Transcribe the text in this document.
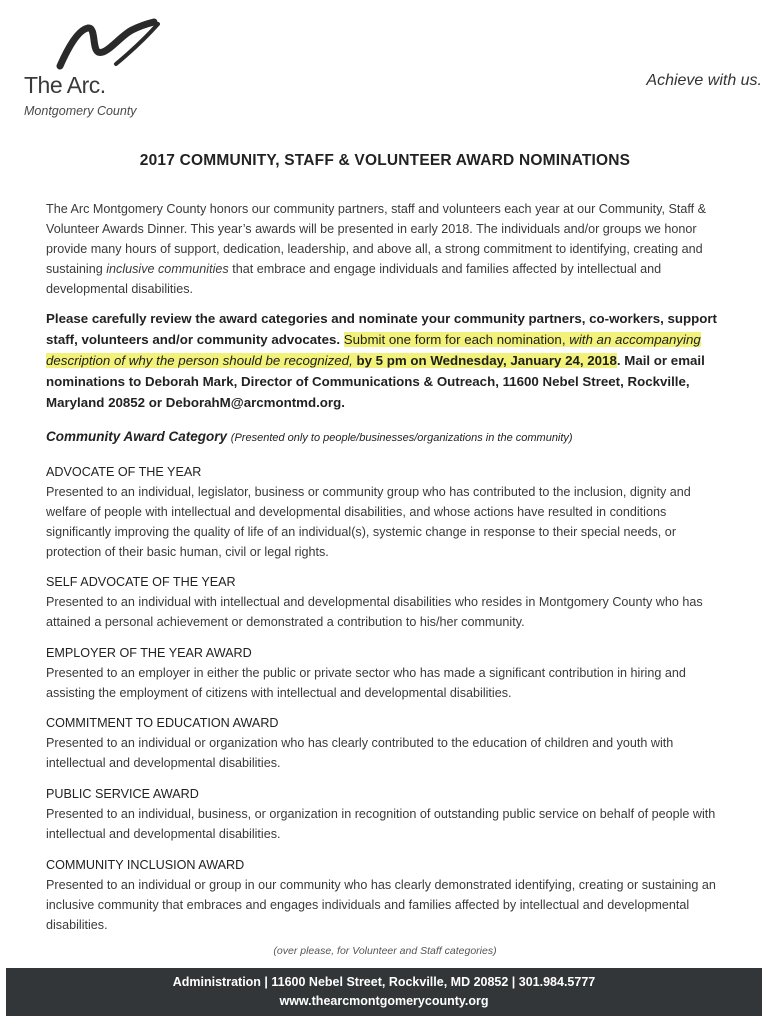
The Arc.
Montgomery County
Achieve with us.
2017 COMMUNITY, STAFF & VOLUNTEER AWARD NOMINATIONS
The Arc Montgomery County honors our community partners, staff and volunteers each year at our Community, Staff & Volunteer Awards Dinner. This year’s awards will be presented in early 2018. The individuals and/or groups we honor provide many hours of support, dedication, leadership, and above all, a strong commitment to identifying, creating and sustaining inclusive communities that embrace and engage individuals and families affected by intellectual and developmental disabilities.
Please carefully review the award categories and nominate your community partners, co-workers, support staff, volunteers and/or community advocates. Submit one form for each nomination, with an accompanying description of why the person should be recognized, by 5 pm on Wednesday, January 24, 2018. Mail or email nominations to Deborah Mark, Director of Communications & Outreach, 11600 Nebel Street, Rockville, Maryland 20852 or DeborahM@arcmontmd.org.
Community Award Category (Presented only to people/businesses/organizations in the community)
ADVOCATE OF THE YEAR

Presented to an individual, legislator, business or community group who has contributed to the inclusion, dignity and welfare of people with intellectual and developmental disabilities, and whose actions have resulted in conditions significantly improving the quality of life of an individual(s), systemic change in response to their special needs, or protection of their basic human, civil or legal rights.

SELF ADVOCATE OF THE YEAR

Presented to an individual with intellectual and developmental disabilities who resides in Montgomery County who has attained a personal achievement or demonstrated a contribution to his/her community.

EMPLOYER OF THE YEAR AWARD

Presented to an employer in either the public or private sector who has made a significant contribution in hiring and assisting the employment of citizens with intellectual and developmental disabilities.

COMMITMENT TO EDUCATION AWARD

Presented to an individual or organization who has clearly contributed to the education of children and youth with intellectual and developmental disabilities.

PUBLIC SERVICE AWARD

Presented to an individual, business, or organization in recognition of outstanding public service on behalf of people with intellectual and developmental disabilities.

COMMUNITY INCLUSION AWARD

Presented to an individual or group in our community who has clearly demonstrated identifying, creating or sustaining an inclusive community that embraces and engages individuals and families affected by intellectual and developmental disabilities.

(over please, for Volunteer and Staff categories)
Administration | 11600 Nebel Street, Rockville, MD 20852 | 301.984.5777
www.thearcmontgomerycounty.org
